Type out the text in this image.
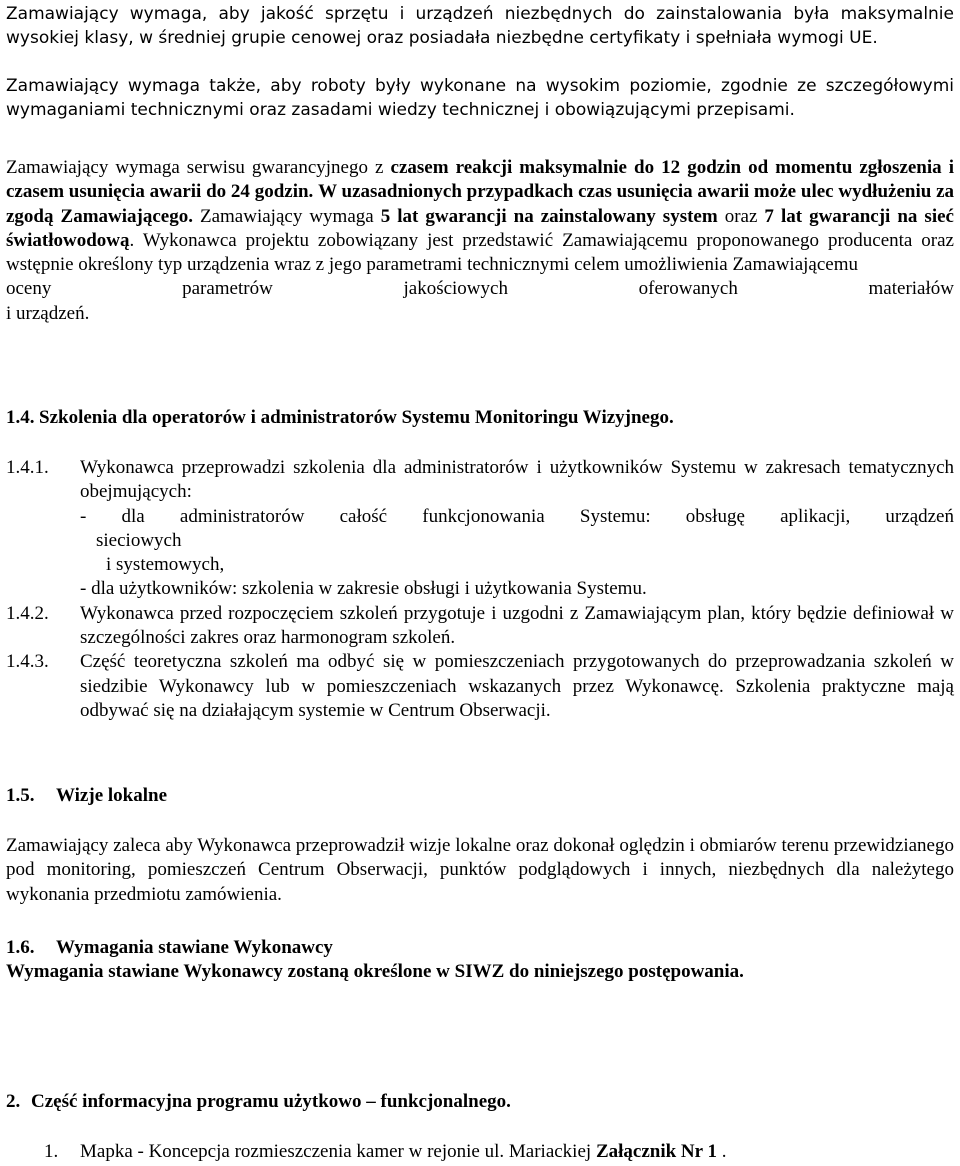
Zamawiający wymaga, aby jakość sprzętu i urządzeń niezbędnych do zainstalowania była maksymalnie wysokiej klasy, w średniej grupie cenowej oraz posiadała niezbędne certyfikaty i spełniała wymogi UE.

Zamawiający wymaga także, aby roboty były wykonane na wysokim poziomie, zgodnie ze szczegółowymi wymaganiami technicznymi oraz zasadami wiedzy technicznej i obowiązującymi przepisami.

Zamawiający wymaga serwisu gwarancyjnego z czasem reakcji maksymalnie do 12 godzin od momentu zgłoszenia i czasem usunięcia awarii do 24 godzin. W uzasadnionych przypadkach czas usunięcia awarii może ulec wydłużeniu za zgodą Zamawiającego. Zamawiający wymaga 5 lat gwarancji na zainstalowany system oraz 7 lat gwarancji na sieć światłowodową. Wykonawca projektu zobowiązany jest przedstawić Zamawiającemu proponowanego producenta oraz wstępnie określony typ urządzenia wraz z jego parametrami technicznymi celem umożliwienia Zamawiającemu

oceny	parametrów	jakościowych	oferowanych	materiałów
i urządzeń.
1.4. Szkolenia dla operatorów i administratorów Systemu Monitoringu Wizyjnego.
1.4.1.	Wykonawca przeprowadzi szkolenia dla administratorów i użytkowników Systemu w zakresach tematycznych obejmujących:
- dla administratorów całość funkcjonowania Systemu: obsługę aplikacji, urządzeń
sieciowych
i systemowych,
- dla użytkowników: szkolenia w zakresie obsługi i użytkowania Systemu.
1.4.2.	Wykonawca przed rozpoczęciem szkoleń przygotuje i uzgodni z Zamawiającym plan, który będzie definiował w szczególności zakres oraz harmonogram szkoleń.
1.4.3.	Część teoretyczna szkoleń ma odbyć się w pomieszczeniach przygotowanych do przeprowadzania szkoleń w siedzibie Wykonawcy lub w pomieszczeniach wskazanych przez Wykonawcę. Szkolenia praktyczne mają odbywać się na działającym systemie w Centrum Obserwacji.
1.5.	Wizje lokalne

Zamawiający zaleca aby Wykonawca przeprowadził wizje lokalne oraz dokonał oględzin i obmiarów terenu przewidzianego pod monitoring, pomieszczeń Centrum Obserwacji, punktów podglądowych i innych, niezbędnych dla należytego wykonania przedmiotu zamówienia.

1.6.	Wymagania stawiane Wykonawcy
Wymagania stawiane Wykonawcy zostaną określone w SIWZ do niniejszego postępowania.
2. Część informacyjna programu użytkowo – funkcjonalnego.
1. Mapka - Koncepcja rozmieszczenia kamer w rejonie ul. Mariackiej Załącznik Nr 1 .
